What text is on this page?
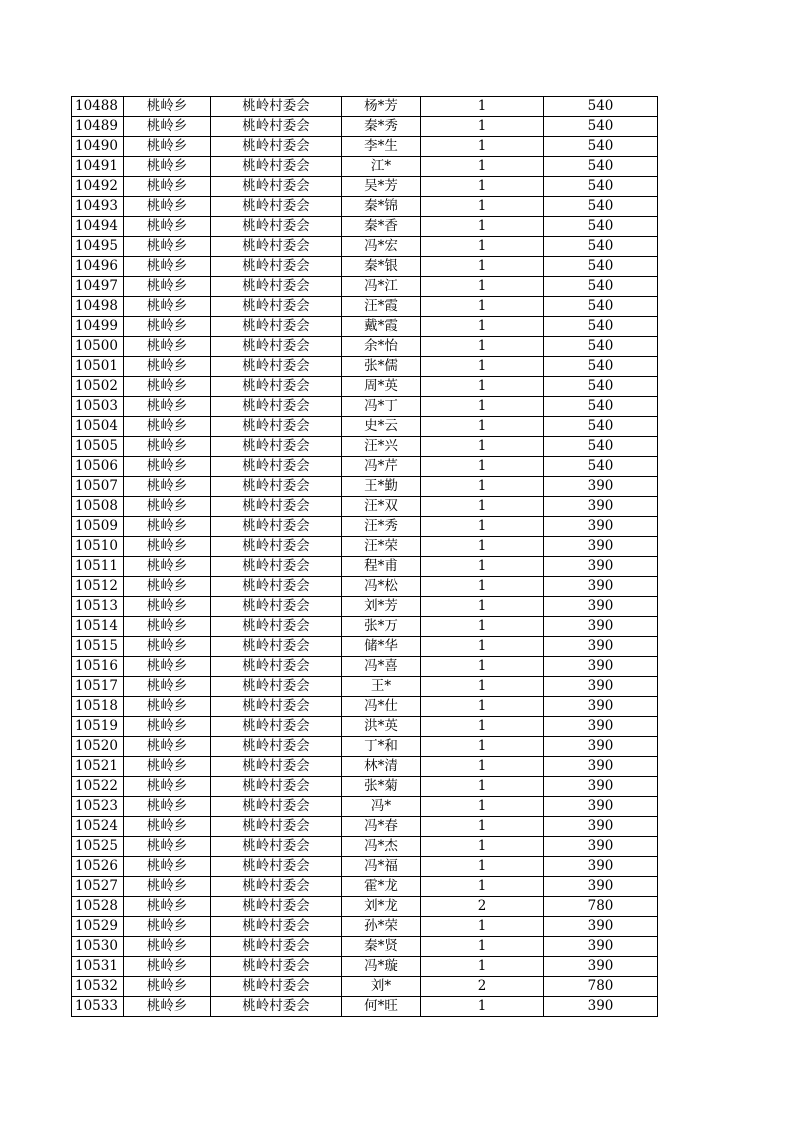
10488	桃岭乡	桃岭村委会	杨*芳	1	540
10489	桃岭乡	桃岭村委会	秦*秀	1	540
10490	桃岭乡	桃岭村委会	李*生	1	540
10491	桃岭乡	桃岭村委会	江*	1	540
10492	桃岭乡	桃岭村委会	吴*芳	1	540
10493	桃岭乡	桃岭村委会	秦*锦	1	540
10494	桃岭乡	桃岭村委会	秦*香	1	540
10495	桃岭乡	桃岭村委会	冯*宏	1	540
10496	桃岭乡	桃岭村委会	秦*银	1	540
10497	桃岭乡	桃岭村委会	冯*江	1	540
10498	桃岭乡	桃岭村委会	汪*霞	1	540
10499	桃岭乡	桃岭村委会	戴*霞	1	540
10500	桃岭乡	桃岭村委会	余*怡	1	540
10501	桃岭乡	桃岭村委会	张*儒	1	540
10502	桃岭乡	桃岭村委会	周*英	1	540
10503	桃岭乡	桃岭村委会	冯*丁	1	540
10504	桃岭乡	桃岭村委会	史*云	1	540
10505	桃岭乡	桃岭村委会	汪*兴	1	540
10506	桃岭乡	桃岭村委会	冯*芹	1	540
10507	桃岭乡	桃岭村委会	王*勤	1	390
10508	桃岭乡	桃岭村委会	汪*双	1	390
10509	桃岭乡	桃岭村委会	汪*秀	1	390
10510	桃岭乡	桃岭村委会	汪*荣	1	390
10511	桃岭乡	桃岭村委会	程*甫	1	390
10512	桃岭乡	桃岭村委会	冯*松	1	390
10513	桃岭乡	桃岭村委会	刘*芳	1	390
10514	桃岭乡	桃岭村委会	张*万	1	390
10515	桃岭乡	桃岭村委会	储*华	1	390
10516	桃岭乡	桃岭村委会	冯*喜	1	390
10517	桃岭乡	桃岭村委会	王*	1	390
10518	桃岭乡	桃岭村委会	冯*仕	1	390
10519	桃岭乡	桃岭村委会	洪*英	1	390
10520	桃岭乡	桃岭村委会	丁*和	1	390
10521	桃岭乡	桃岭村委会	林*清	1	390
10522	桃岭乡	桃岭村委会	张*菊	1	390
10523	桃岭乡	桃岭村委会	冯*	1	390
10524	桃岭乡	桃岭村委会	冯*春	1	390
10525	桃岭乡	桃岭村委会	冯*杰	1	390
10526	桃岭乡	桃岭村委会	冯*福	1	390
10527	桃岭乡	桃岭村委会	霍*龙	1	390
10528	桃岭乡	桃岭村委会	刘*龙	2	780
10529	桃岭乡	桃岭村委会	孙*荣	1	390
10530	桃岭乡	桃岭村委会	秦*贤	1	390
10531	桃岭乡	桃岭村委会	冯*璇	1	390
10532	桃岭乡	桃岭村委会	刘*	2	780
10533	桃岭乡	桃岭村委会	何*旺	1	390
